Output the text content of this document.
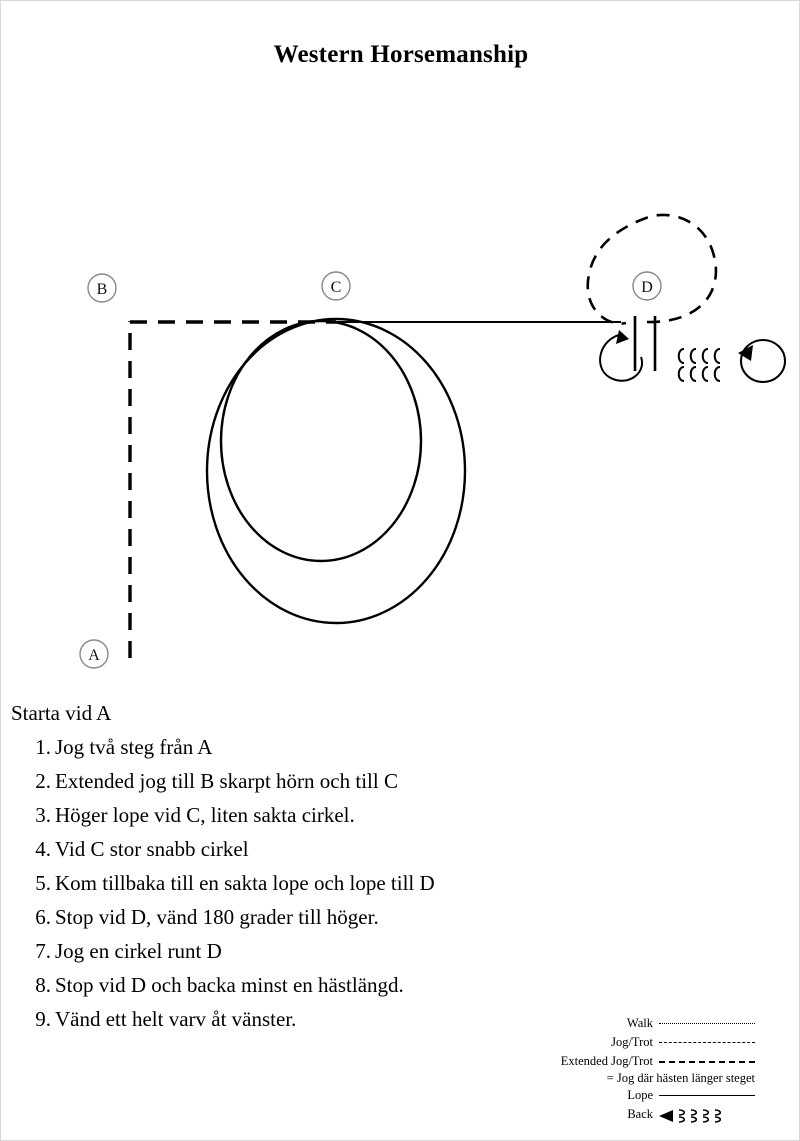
Western Horsemanship
A
B	C	D
Starta vid A
1. Jog två steg från A
2. Extended jog till B skarpt hörn och till C
3. Höger lope vid C, liten sakta cirkel.
4. Vid C stor snabb cirkel
5. Kom tillbaka till en sakta lope och lope till D
6. Stop vid D, vänd 180 grader till höger.
7. Jog en cirkel runt D
8. Stop vid D och backa minst en hästlängd.
9. Vänd ett helt varv åt vänster.	Walk
Jog/Trot
Extended Jog/Trot
= Jog där hästen länger steget
Lope
Back
